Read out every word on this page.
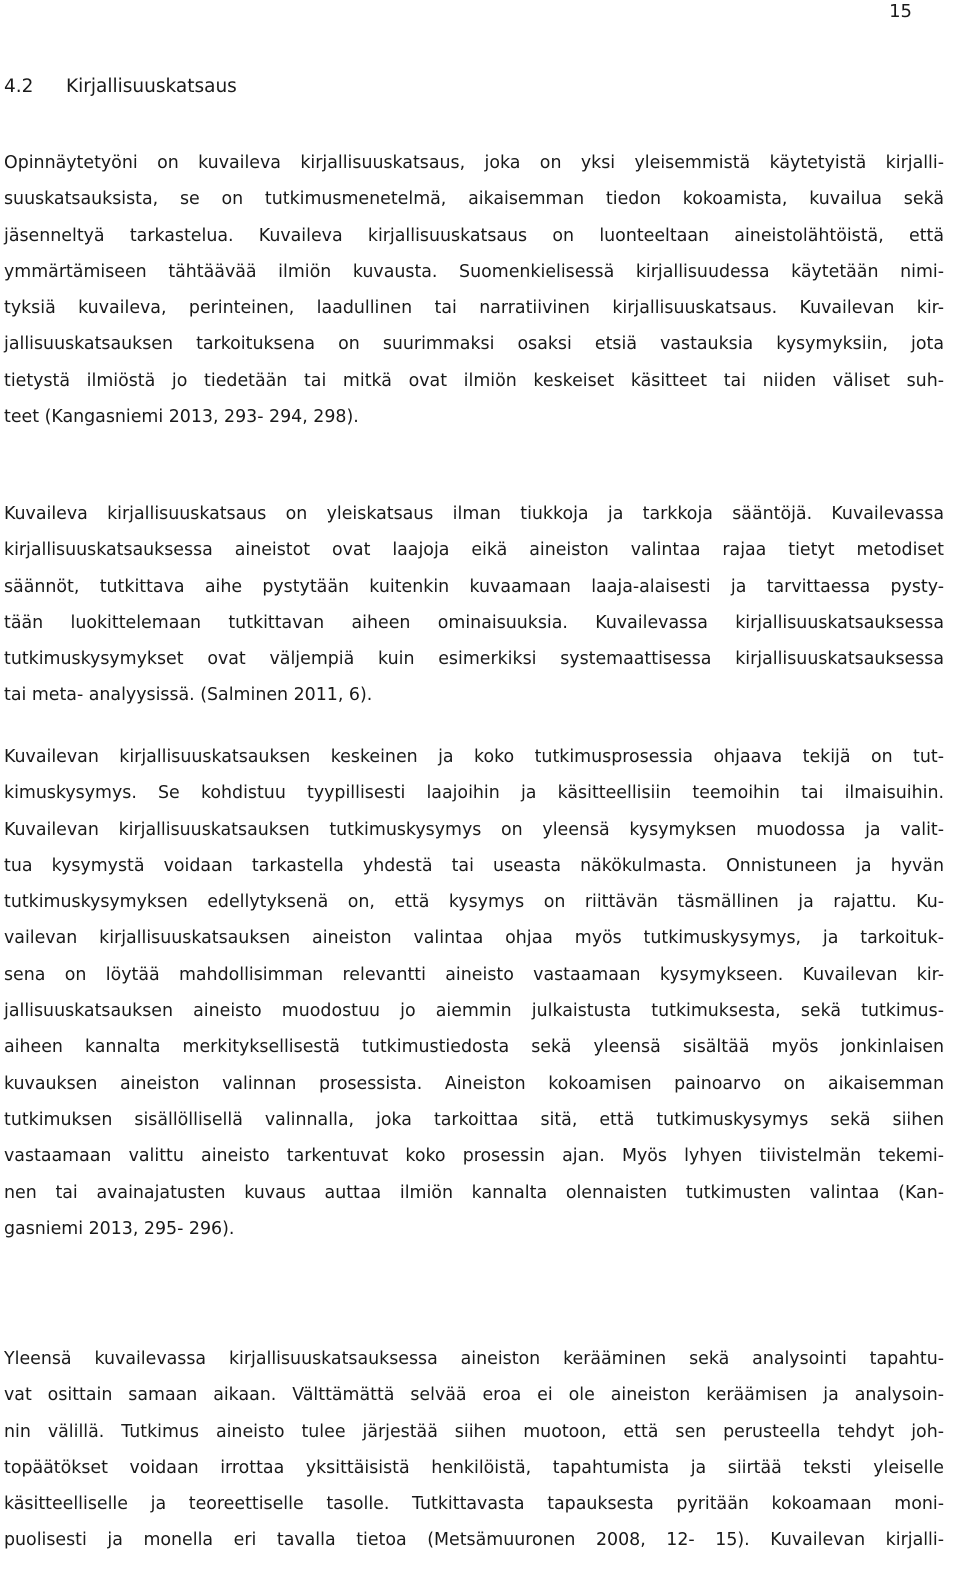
15
4.2 Kirjallisuuskatsaus
Opinnäytetyöni on kuvaileva kirjallisuuskatsaus, joka on yksi yleisemmistä käytetyistä kirjalli-
suuskatsauksista, se on tutkimusmenetelmä, aikaisemman tiedon kokoamista, kuvailua sekä
jäsenneltyä tarkastelua. Kuvaileva kirjallisuuskatsaus on luonteeltaan aineistolähtöistä, että
ymmärtämiseen tähtäävää ilmiön kuvausta. Suomenkielisessä kirjallisuudessa käytetään nimi-
tyksiä kuvaileva, perinteinen, laadullinen tai narratiivinen kirjallisuuskatsaus. Kuvailevan kir-
jallisuuskatsauksen tarkoituksena on suurimmaksi osaksi etsiä vastauksia kysymyksiin, jota
tietystä ilmiöstä jo tiedetään tai mitkä ovat ilmiön keskeiset käsitteet tai niiden väliset suh-
teet (Kangasniemi 2013, 293- 294, 298).
Kuvaileva kirjallisuuskatsaus on yleiskatsaus ilman tiukkoja ja tarkkoja sääntöjä. Kuvailevassa
kirjallisuuskatsauksessa aineistot ovat laajoja eikä aineiston valintaa rajaa tietyt metodiset
säännöt, tutkittava aihe pystytään kuitenkin kuvaamaan laaja-alaisesti ja tarvittaessa pysty-
tään luokittelemaan tutkittavan aiheen ominaisuuksia. Kuvailevassa kirjallisuuskatsauksessa
tutkimuskysymykset ovat väljempiä kuin esimerkiksi systemaattisessa kirjallisuuskatsauksessa
tai meta- analyysissä. (Salminen 2011, 6).
Kuvailevan kirjallisuuskatsauksen keskeinen ja koko tutkimusprosessia ohjaava tekijä on tut-
kimuskysymys. Se kohdistuu tyypillisesti laajoihin ja käsitteellisiin teemoihin tai ilmaisuihin.
Kuvailevan kirjallisuuskatsauksen tutkimuskysymys on yleensä kysymyksen muodossa ja valit-
tua kysymystä voidaan tarkastella yhdestä tai useasta näkökulmasta. Onnistuneen ja hyvän
tutkimuskysymyksen edellytyksenä on, että kysymys on riittävän täsmällinen ja rajattu. Ku-
vailevan kirjallisuuskatsauksen aineiston valintaa ohjaa myös tutkimuskysymys, ja tarkoituk-
sena on löytää mahdollisimman relevantti aineisto vastaamaan kysymykseen. Kuvailevan kir-
jallisuuskatsauksen aineisto muodostuu jo aiemmin julkaistusta tutkimuksesta, sekä tutkimus-
aiheen kannalta merkityksellisestä tutkimustiedosta sekä yleensä sisältää myös jonkinlaisen
kuvauksen aineiston valinnan prosessista. Aineiston kokoamisen painoarvo on aikaisemman
tutkimuksen sisällöllisellä valinnalla, joka tarkoittaa sitä, että tutkimuskysymys sekä siihen
vastaamaan valittu aineisto tarkentuvat koko prosessin ajan. Myös lyhyen tiivistelmän tekemi-
nen tai avainajatusten kuvaus auttaa ilmiön kannalta olennaisten tutkimusten valintaa (Kan-
gasniemi 2013, 295- 296).
Yleensä kuvailevassa kirjallisuuskatsauksessa aineiston kerääminen sekä analysointi tapahtu-
vat osittain samaan aikaan. Välttämättä selvää eroa ei ole aineiston keräämisen ja analysoin-
nin välillä. Tutkimus aineisto tulee järjestää siihen muotoon, että sen perusteella tehdyt joh-
topäätökset voidaan irrottaa yksittäisistä henkilöistä, tapahtumista ja siirtää teksti yleiselle
käsitteelliselle ja teoreettiselle tasolle. Tutkittavasta tapauksesta pyritään kokoamaan moni-
puolisesti ja monella eri tavalla tietoa (Metsämuuronen 2008, 12- 15). Kuvailevan kirjalli-
